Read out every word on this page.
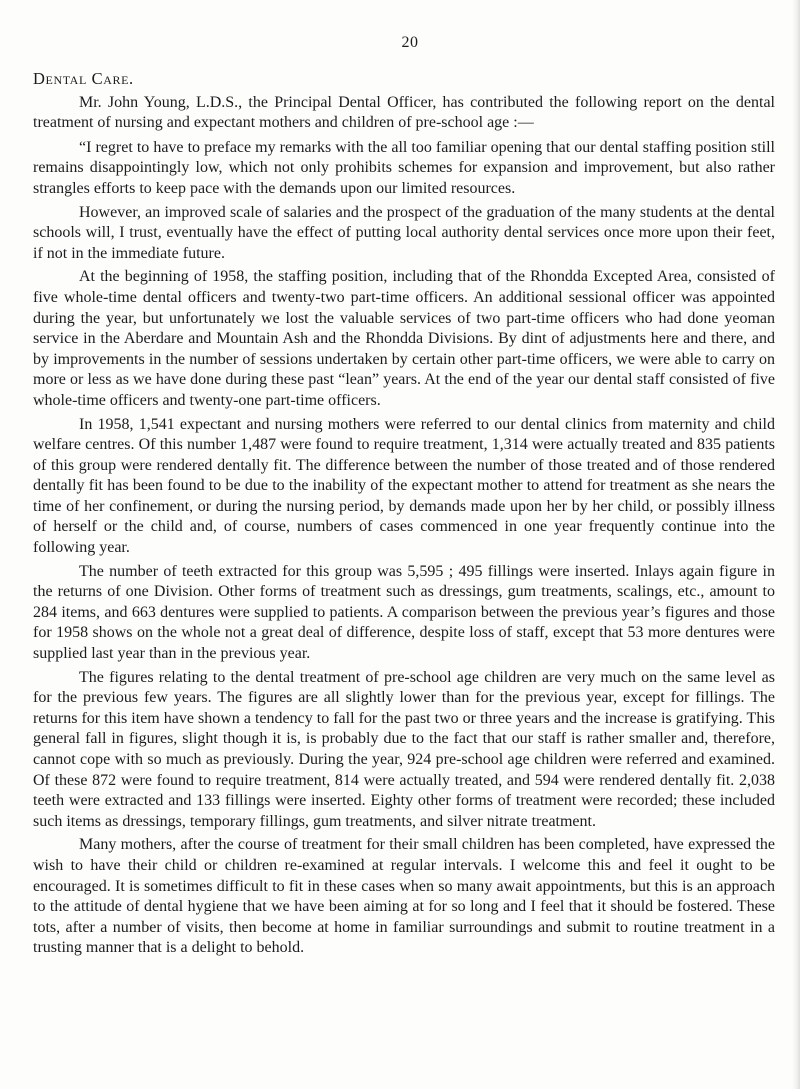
20
Dental Care.

Mr. John Young, L.D.S., the Principal Dental Officer, has contributed the following report on the dental treatment of nursing and expectant mothers and children of pre-school age :—

“I regret to have to preface my remarks with the all too familiar opening that our dental staffing position still remains disappointingly low, which not only prohibits schemes for expansion and improvement, but also rather strangles efforts to keep pace with the demands upon our limited resources.

However, an improved scale of salaries and the prospect of the graduation of the many students at the dental schools will, I trust, eventually have the effect of putting local authority dental services once more upon their feet, if not in the immediate future.

At the beginning of 1958, the staffing position, including that of the Rhondda Excepted Area, consisted of five whole-time dental officers and twenty-two part-time officers. An additional sessional officer was appointed during the year, but unfortunately we lost the valuable services of two part-time officers who had done yeoman service in the Aberdare and Mountain Ash and the Rhondda Divisions. By dint of adjustments here and there, and by improvements in the number of sessions undertaken by certain other part-time officers, we were able to carry on more or less as we have done during these past “lean” years. At the end of the year our dental staff consisted of five whole-time officers and twenty-one part-time officers.

In 1958, 1,541 expectant and nursing mothers were referred to our dental clinics from maternity and child welfare centres. Of this number 1,487 were found to require treatment, 1,314 were actually treated and 835 patients of this group were rendered dentally fit. The difference between the number of those treated and of those rendered dentally fit has been found to be due to the inability of the expectant mother to attend for treatment as she nears the time of her confinement, or during the nursing period, by demands made upon her by her child, or possibly illness of herself or the child and, of course, numbers of cases commenced in one year frequently continue into the following year.

The number of teeth extracted for this group was 5,595 ; 495 fillings were inserted. Inlays again figure in the returns of one Division. Other forms of treatment such as dressings, gum treatments, scalings, etc., amount to 284 items, and 663 dentures were supplied to patients. A comparison between the previous year’s figures and those for 1958 shows on the whole not a great deal of difference, despite loss of staff, except that 53 more dentures were supplied last year than in the previous year.

The figures relating to the dental treatment of pre-school age children are very much on the same level as for the previous few years. The figures are all slightly lower than for the previous year, except for fillings. The returns for this item have shown a tendency to fall for the past two or three years and the increase is gratifying. This general fall in figures, slight though it is, is probably due to the fact that our staff is rather smaller and, therefore, cannot cope with so much as previously. During the year, 924 pre-school age children were referred and examined. Of these 872 were found to require treatment, 814 were actually treated, and 594 were rendered dentally fit. 2,038 teeth were extracted and 133 fillings were inserted. Eighty other forms of treatment were recorded; these included such items as dressings, temporary fillings, gum treatments, and silver nitrate treatment.

Many mothers, after the course of treatment for their small children has been completed, have expressed the wish to have their child or children re-examined at regular intervals. I welcome this and feel it ought to be encouraged. It is sometimes difficult to fit in these cases when so many await appointments, but this is an approach to the attitude of dental hygiene that we have been aiming at for so long and I feel that it should be fostered. These tots, after a number of visits, then become at home in familiar surroundings and submit to routine treatment in a trusting manner that is a delight to behold.
